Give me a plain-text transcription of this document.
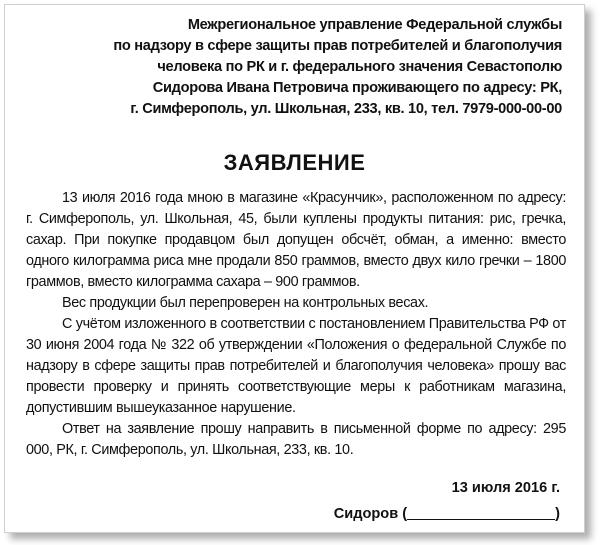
Межрегиональное управление Федеральной службы
по надзору в сфере защиты прав потребителей и благополучия
человека по РК и г. федерального значения Севастополю
Сидорова Ивана Петровича проживающего по адресу: РК,
г. Симферополь, ул. Школьная, 233, кв. 10, тел. 7979-000-00-00
ЗАЯВЛЕНИЕ

13 июля 2016 года мною в магазине «Красунчик», расположенном по адресу: г. Симферополь, ул. Школьная, 45, были куплены продукты питания: рис, гречка, сахар. При покупке продавцом был допущен обсчёт, обман, а именно: вместо одного килограмма риса мне продали 850 граммов, вместо двух кило гречки – 1800 граммов, вместо килограмма сахара – 900 граммов.

Вес продукции был перепроверен на контрольных весах.

С учётом изложенного в соответствии с постановлением Правительства РФ от 30 июня 2004 года № 322 об утверждении «Положения о федеральной Службе по надзору в сфере защиты прав потребителей и благополучия человека» прошу вас провести проверку и принять соответствующие меры к работникам магазина, допустившим вышеуказанное нарушение.

Ответ на заявление прошу направить в письменной форме по адресу: 295 000, РК, г. Симферополь, ул. Школьная, 233, кв. 10.

13 июля 2016 г.
Сидоров (	)
